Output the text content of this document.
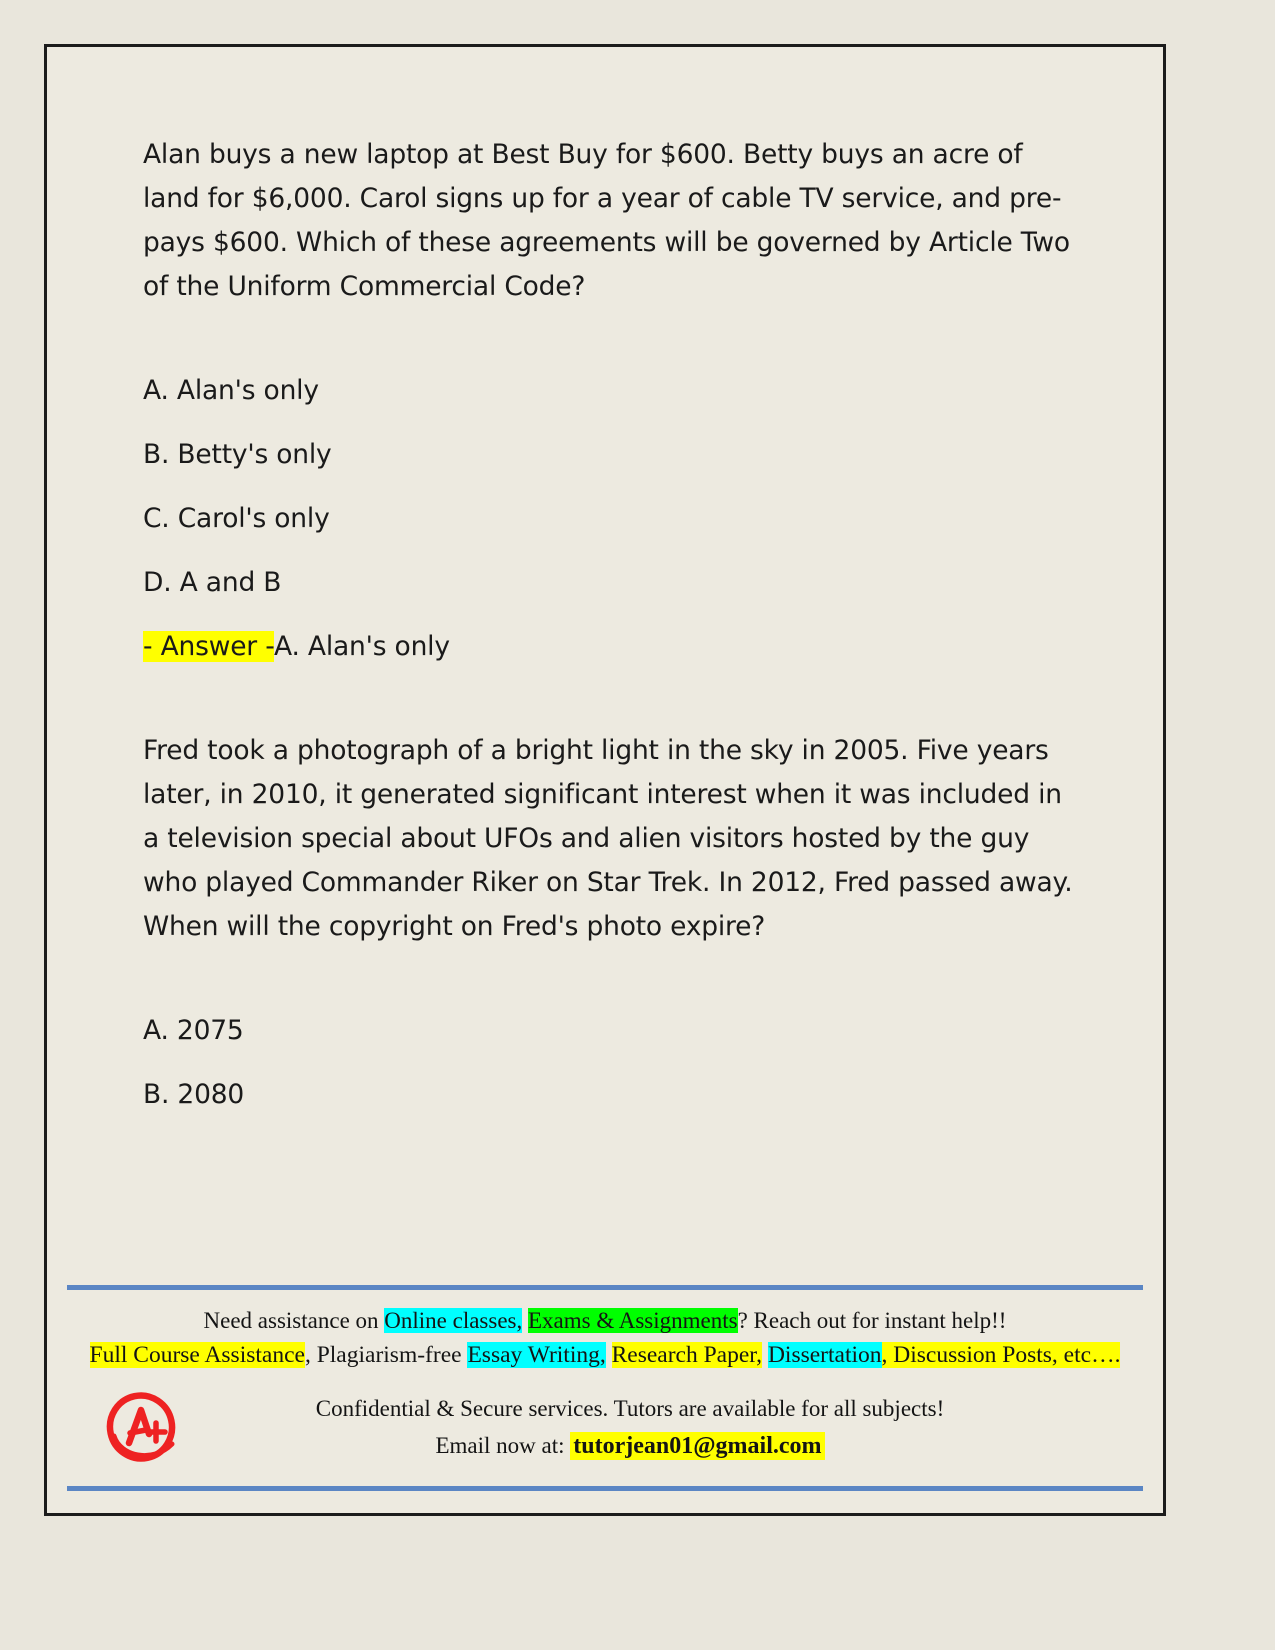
Alan buys a new laptop at Best Buy for $600. Betty buys an acre of land for $6,000. Carol signs up for a year of cable TV service, and pre-pays $600. Which of these agreements will be governed by Article Two of the Uniform Commercial Code?
A. Alan's only
B. Betty's only
C. Carol's only
D. A and B
- Answer -A. Alan's only
Fred took a photograph of a bright light in the sky in 2005. Five years later, in 2010, it generated significant interest when it was included in a television special about UFOs and alien visitors hosted by the guy who played Commander Riker on Star Trek. In 2012, Fred passed away.
When will the copyright on Fred's photo expire?
A. 2075
B. 2080
Need assistance on Online classes, Exams & Assignments? Reach out for instant help!!
Full Course Assistance, Plagiarism-free Essay Writing, Research Paper, Dissertation, Discussion Posts, etc….
Confidential & Secure services. Tutors are available for all subjects!
Email now at: tutorjean01@gmail.com
